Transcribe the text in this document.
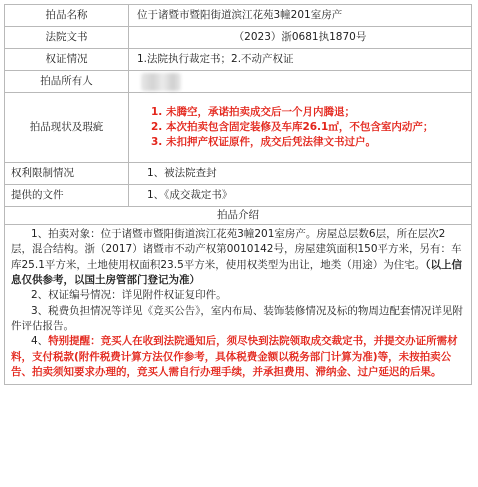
拍品名称	位于诸暨市暨阳街道滨江花苑3幢201室房产
法院文书	（2023）浙0681执1870号
权证情况	1.法院执行裁定书；2.不动产权证
拍品所有人	
拍品现状及瑕疵	1. 未腾空，承诺拍卖成交后一个月内腾退；
2. 本次拍卖包含固定装修及车库26.1㎡，不包含室内动产；
3. 未扣押产权证原件，成交后凭法律文书过户。

权利限制情况	1、被法院查封
提供的文件	1、《成交裁定书》
拍品介绍	

1、拍卖对象：位于诸暨市暨阳街道滨江花苑3幢201室房产。房屋总层数6层，所在层次2层，混合结构。浙（2017）诸暨市不动产权第0010142号，房屋建筑面积150平方米，另有：车库25.1平方米，土地使用权面积23.5平方米，使用权类型为出让，地类（用途）为住宅。（以上信息仅供参考，以国土房管部门登记为准）

2、权证编号情况：详见附件权证复印件。

3、税费负担情况等详见《竞买公告》，室内布局、装饰装修情况及标的物周边配套情况详见附件评估报告。

4、特别提醒：竞买人在收到法院通知后，须尽快到法院领取成交裁定书，并提交办证所需材料，支付税款(附件税费计算方法仅作参考，具体税费金额以税务部门计算为准)等，未按拍卖公告、拍卖须知要求办理的，竞买人需自行办理手续，并承担费用、滞纳金、过户延迟的后果。	
